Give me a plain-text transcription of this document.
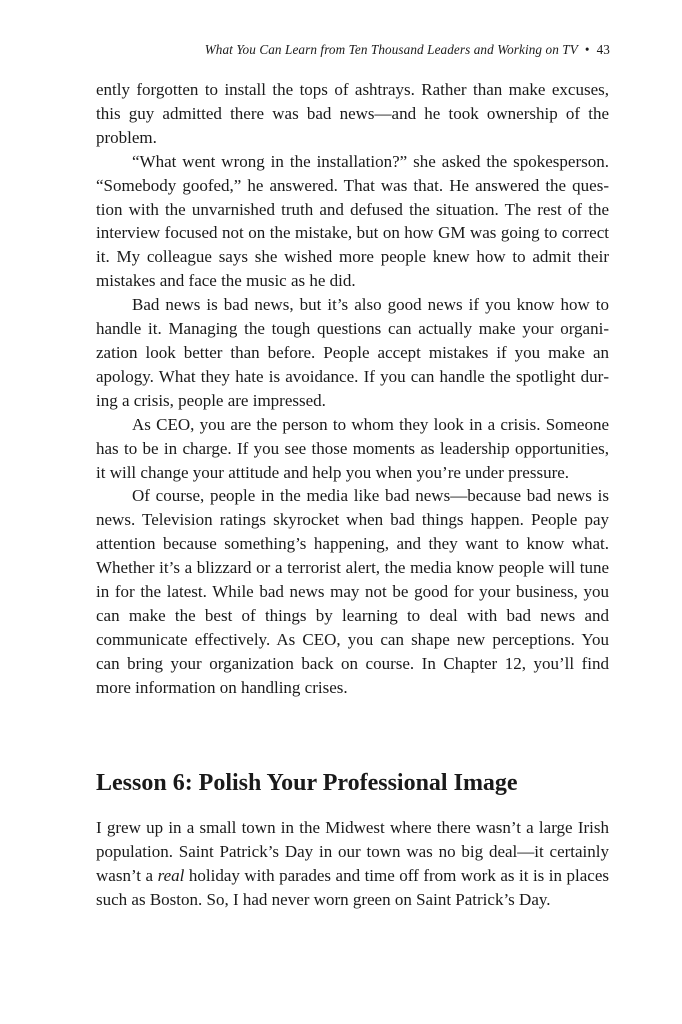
What You Can Learn from Ten Thousand Leaders and Working on TV • 43

ently forgotten to install the tops of ashtrays. Rather than make excuses, this guy admitted there was bad news—and he took ownership of the problem.

“What went wrong in the installation?” she asked the spokesperson. “Somebody goofed,” he answered. That was that. He answered the question with the unvarnished truth and defused the situation. The rest of the interview focused not on the mistake, but on how GM was going to correct it. My colleague says she wished more people knew how to admit their mistakes and face the music as he did.

Bad news is bad news, but it’s also good news if you know how to handle it. Managing the tough questions can actually make your organization look better than before. People accept mistakes if you make an apology. What they hate is avoidance. If you can handle the spotlight during a crisis, people are impressed.

As CEO, you are the person to whom they look in a crisis. Someone has to be in charge. If you see those moments as leadership opportunities, it will change your attitude and help you when you’re under pressure.

Of course, people in the media like bad news—because bad news is news. Television ratings skyrocket when bad things happen. People pay attention because something’s happening, and they want to know what. Whether it’s a blizzard or a terrorist alert, the media know people will tune in for the latest. While bad news may not be good for your business, you can make the best of things by learning to deal with bad news and communicate effectively. As CEO, you can shape new perceptions. You can bring your organization back on course. In Chapter 12, you’ll find more information on handling crises.

Lesson 6: Polish Your Professional Image

I grew up in a small town in the Midwest where there wasn’t a large Irish population. Saint Patrick’s Day in our town was no big deal—it certainly wasn’t a real holiday with parades and time off from work as it is in places such as Boston. So, I had never worn green on Saint Patrick’s Day.
